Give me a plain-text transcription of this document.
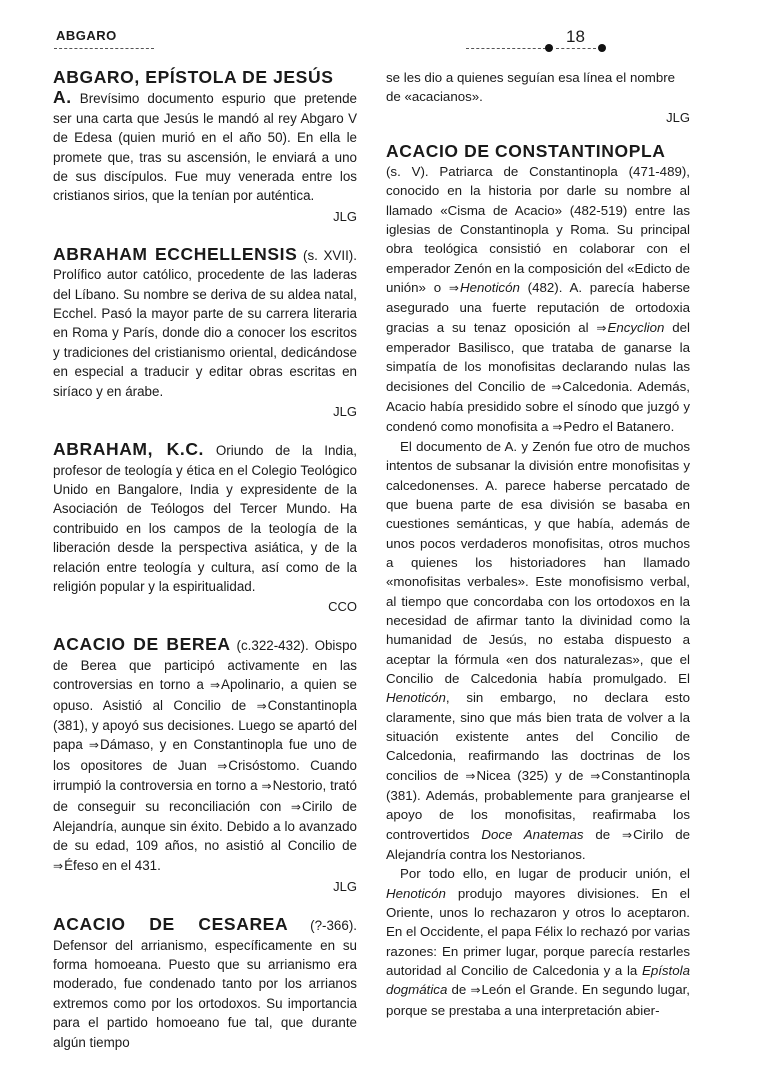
ABGARO	18

ABGARO, EPÍSTOLA DE JESÚS
A. Brevísimo documento espurio que pretende ser una carta que Jesús le mandó al rey Abgaro V de Edesa (quien murió en el año 50). En ella le promete que, tras su ascensión, le enviará a uno de sus discípulos. Fue muy venerada entre los cristianos sirios, que la tenían por auténtica.

JLG

ABRAHAM ECCHELLENSIS (s. XVII). Prolífico autor católico, procedente de las laderas del Líbano. Su nombre se deriva de su aldea natal, Ecchel. Pasó la mayor parte de su carrera literaria en Roma y París, donde dio a conocer los escritos y tradiciones del cristianismo oriental, dedicándose en especial a traducir y editar obras escritas en siríaco y en árabe.

JLG

ABRAHAM, K.C. Oriundo de la India, profesor de teología y ética en el Colegio Teológico Unido en Bangalore, India y expresidente de la Asociación de Teólogos del Tercer Mundo. Ha contribuido en los campos de la teología de la liberación desde la perspectiva asiática, y de la relación entre teología y cultura, así como de la religión popular y la espiritualidad.

CCO

ACACIO DE BEREA (c.322-432). Obispo de Berea que participó activamente en las controversias en torno a ⇒Apolinario, a quien se opuso. Asistió al Concilio de ⇒Constantinopla (381), y apoyó sus decisiones. Luego se apartó del papa ⇒Dámaso, y en Constantinopla fue uno de los opositores de Juan ⇒Crisóstomo. Cuando irrumpió la controversia en torno a ⇒Nestorio, trató de conseguir su reconciliación con ⇒Cirilo de Alejandría, aunque sin éxito. Debido a lo avanzado de su edad, 109 años, no asistió al Concilio de ⇒Éfeso en el 431.

JLG

ACACIO DE CESAREA (?-366). Defensor del arrianismo, específicamente en su forma homoeana. Puesto que su arrianismo era moderado, fue condenado tanto por los arrianos extremos como por los ortodoxos. Su importancia para el partido homoeano fue tal, que durante algún tiempo

se les dio a quienes seguían esa línea el nombre de «acacianos».

JLG

ACACIO DE CONSTANTINOPLA
(s. V). Patriarca de Constantinopla (471-489), conocido en la historia por darle su nombre al llamado «Cisma de Acacio» (482-519) entre las iglesias de Constantinopla y Roma. Su principal obra teológica consistió en colaborar con el emperador Zenón en la composición del «Edicto de unión» o ⇒Henoticón (482). A. parecía haberse asegurado una fuerte reputación de ortodoxia gracias a su tenaz oposición al ⇒Encyclion del emperador Basilisco, que trataba de ganarse la simpatía de los monofisitas declarando nulas las decisiones del Concilio de ⇒Calcedonia. Además, Acacio había presidido sobre el sínodo que juzgó y condenó como monofisita a ⇒Pedro el Batanero.

El documento de A. y Zenón fue otro de muchos intentos de subsanar la división entre monofisitas y calcedonenses. A. parece haberse percatado de que buena parte de esa división se basaba en cuestiones semánticas, y que había, además de unos pocos verdaderos monofisitas, otros muchos a quienes los historiadores han llamado «monofisitas verbales». Este monofisismo verbal, al tiempo que concordaba con los ortodoxos en la necesidad de afirmar tanto la divinidad como la humanidad de Jesús, no estaba dispuesto a aceptar la fórmula «en dos naturalezas», que el Concilio de Calcedonia había promulgado. El Henoticón, sin embargo, no declara esto claramente, sino que más bien trata de volver a la situación existente antes del Concilio de Calcedonia, reafirmando las doctrinas de los concilios de ⇒Nicea (325) y de ⇒Constantinopla (381). Además, probablemente para granjearse el apoyo de los monofisitas, reafirmaba los controvertidos Doce Anatemas de ⇒Cirilo de Alejandría contra los Nestorianos.

Por todo ello, en lugar de producir unión, el Henoticón produjo mayores divisiones. En el Oriente, unos lo rechazaron y otros lo aceptaron. En el Occidente, el papa Félix lo rechazó por varias razones: En primer lugar, porque parecía restarles autoridad al Concilio de Calcedonia y a la Epístola dogmática de ⇒León el Grande. En segundo lugar, porque se prestaba a una interpretación abier-
